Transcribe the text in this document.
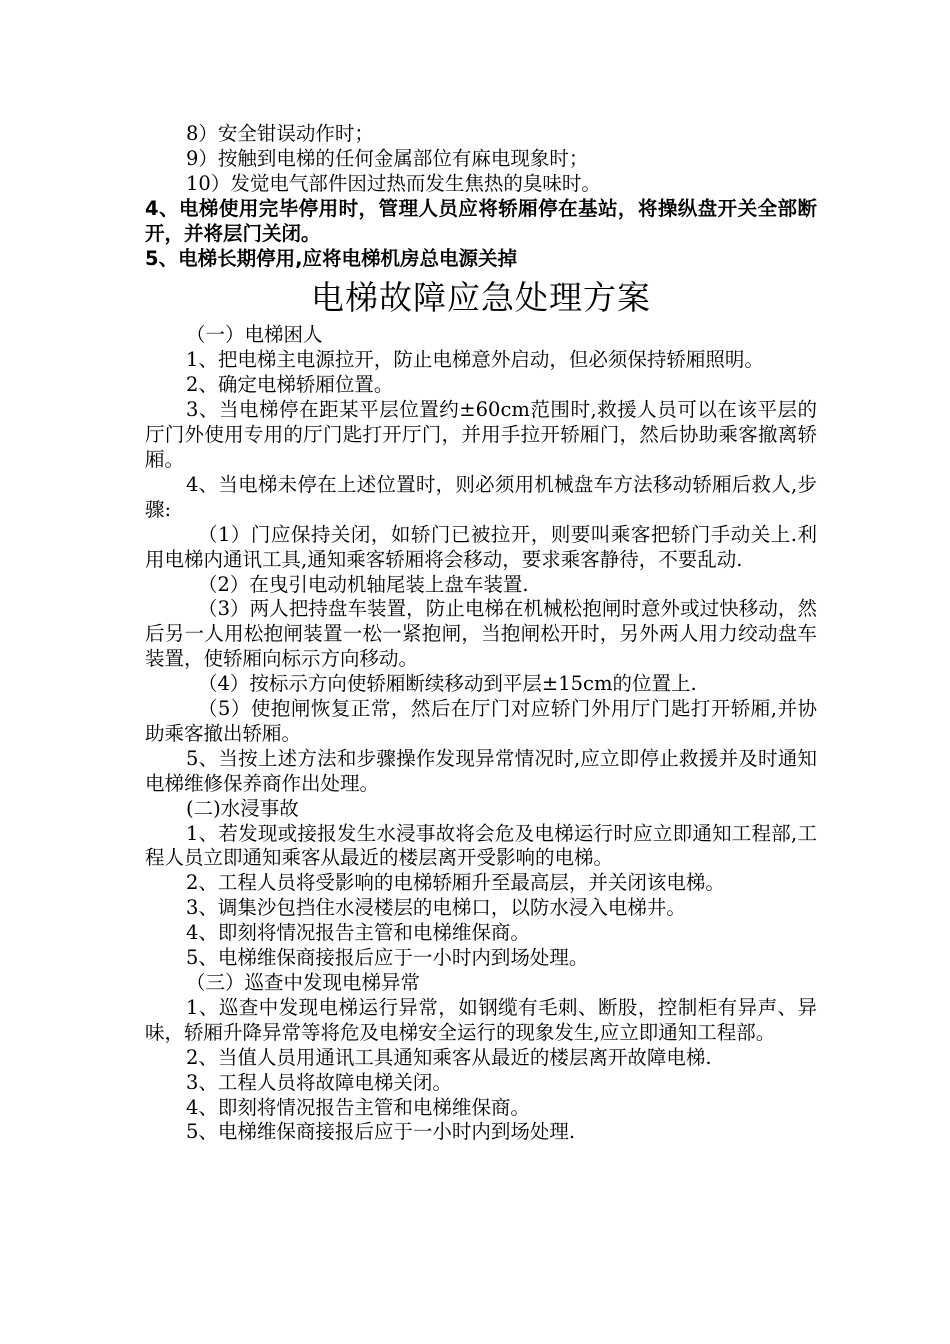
8）安全钳误动作时；

9）按触到电梯的任何金属部位有麻电现象时；

10）发觉电气部件因过热而发生焦热的臭味时。

4、电梯使用完毕停用时，管理人员应将轿厢停在基站，将操纵盘开关全部断开，并将层门关闭。

5、电梯长期停用,应将电梯机房总电源关掉

电梯故障应急处理方案

（一）电梯困人

1、把电梯主电源拉开，防止电梯意外启动，但必须保持轿厢照明。

2、确定电梯轿厢位置。

3、当电梯停在距某平层位置约±60cm范围时,救援人员可以在该平层的厅门外使用专用的厅门匙打开厅门，并用手拉开轿厢门，然后协助乘客撤离轿厢。

4、当电梯未停在上述位置时，则必须用机械盘车方法移动轿厢后救人,步骤:

（1）门应保持关闭，如轿门已被拉开，则要叫乘客把轿门手动关上.利用电梯内通讯工具,通知乘客轿厢将会移动，要求乘客静待，不要乱动.

（2）在曳引电动机轴尾装上盘车装置.

（3）两人把持盘车装置，防止电梯在机械松抱闸时意外或过快移动，然后另一人用松抱闸装置一松一紧抱闸，当抱闸松开时，另外两人用力绞动盘车装置，使轿厢向标示方向移动。

（4）按标示方向使轿厢断续移动到平层±15cm的位置上.

（5）使抱闸恢复正常，然后在厅门对应轿门外用厅门匙打开轿厢,并协助乘客撤出轿厢。

5、当按上述方法和步骤操作发现异常情况时,应立即停止救援并及时通知电梯维修保养商作出处理。

(二)水浸事故

1、若发现或接报发生水浸事故将会危及电梯运行时应立即通知工程部,工程人员立即通知乘客从最近的楼层离开受影响的电梯。

2、工程人员将受影响的电梯轿厢升至最高层，并关闭该电梯。

3、调集沙包挡住水浸楼层的电梯口，以防水浸入电梯井。

4、即刻将情况报告主管和电梯维保商。

5、电梯维保商接报后应于一小时内到场处理。

（三）巡查中发现电梯异常

1、巡查中发现电梯运行异常，如钢缆有毛刺、断股，控制柜有异声、异味，轿厢升降异常等将危及电梯安全运行的现象发生,应立即通知工程部。

2、当值人员用通讯工具通知乘客从最近的楼层离开故障电梯.

3、工程人员将故障电梯关闭。

4、即刻将情况报告主管和电梯维保商。

5、电梯维保商接报后应于一小时内到场处理.
